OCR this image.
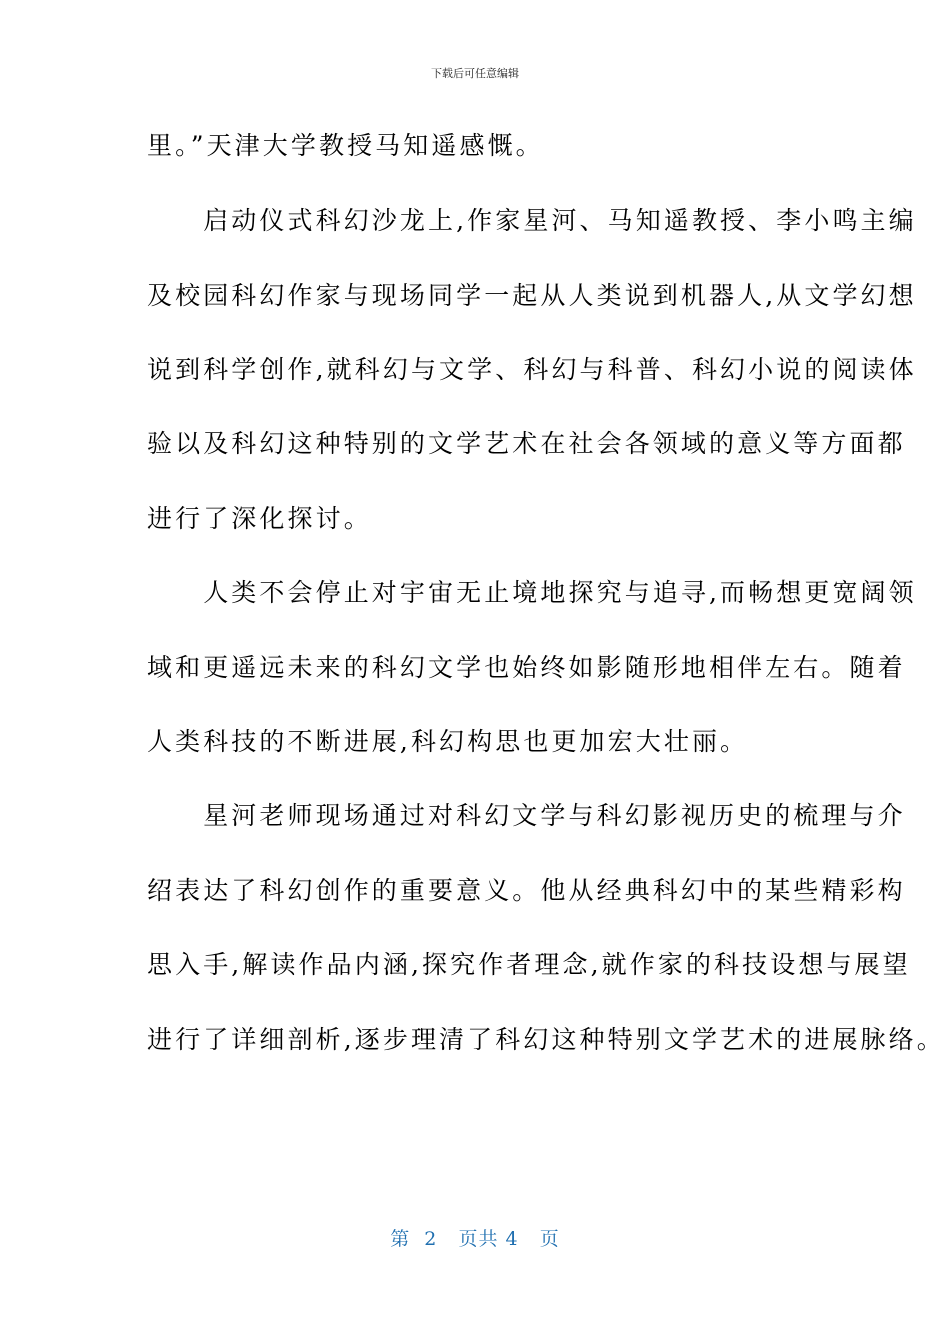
下载后可任意编辑
里。”天津大学教授马知遥感慨。
　　启动仪式科幻沙龙上,作家星河、马知遥教授、李小鸣主编
及校园科幻作家与现场同学一起从人类说到机器人,从文学幻想
说到科学创作,就科幻与文学、科幻与科普、科幻小说的阅读体
验以及科幻这种特别的文学艺术在社会各领域的意义等方面都
进行了深化探讨。
　　人类不会停止对宇宙无止境地探究与追寻,而畅想更宽阔领
域和更遥远未来的科幻文学也始终如影随形地相伴左右。随着
人类科技的不断进展,科幻构思也更加宏大壮丽。
　　星河老师现场通过对科幻文学与科幻影视历史的梳理与介
绍表达了科幻创作的重要意义。他从经典科幻中的某些精彩构
思入手,解读作品内涵,探究作者理念,就作家的科技设想与展望
进行了详细剖析,逐步理清了科幻这种特别文学艺术的进展脉络。
第  2   页共 4   页
